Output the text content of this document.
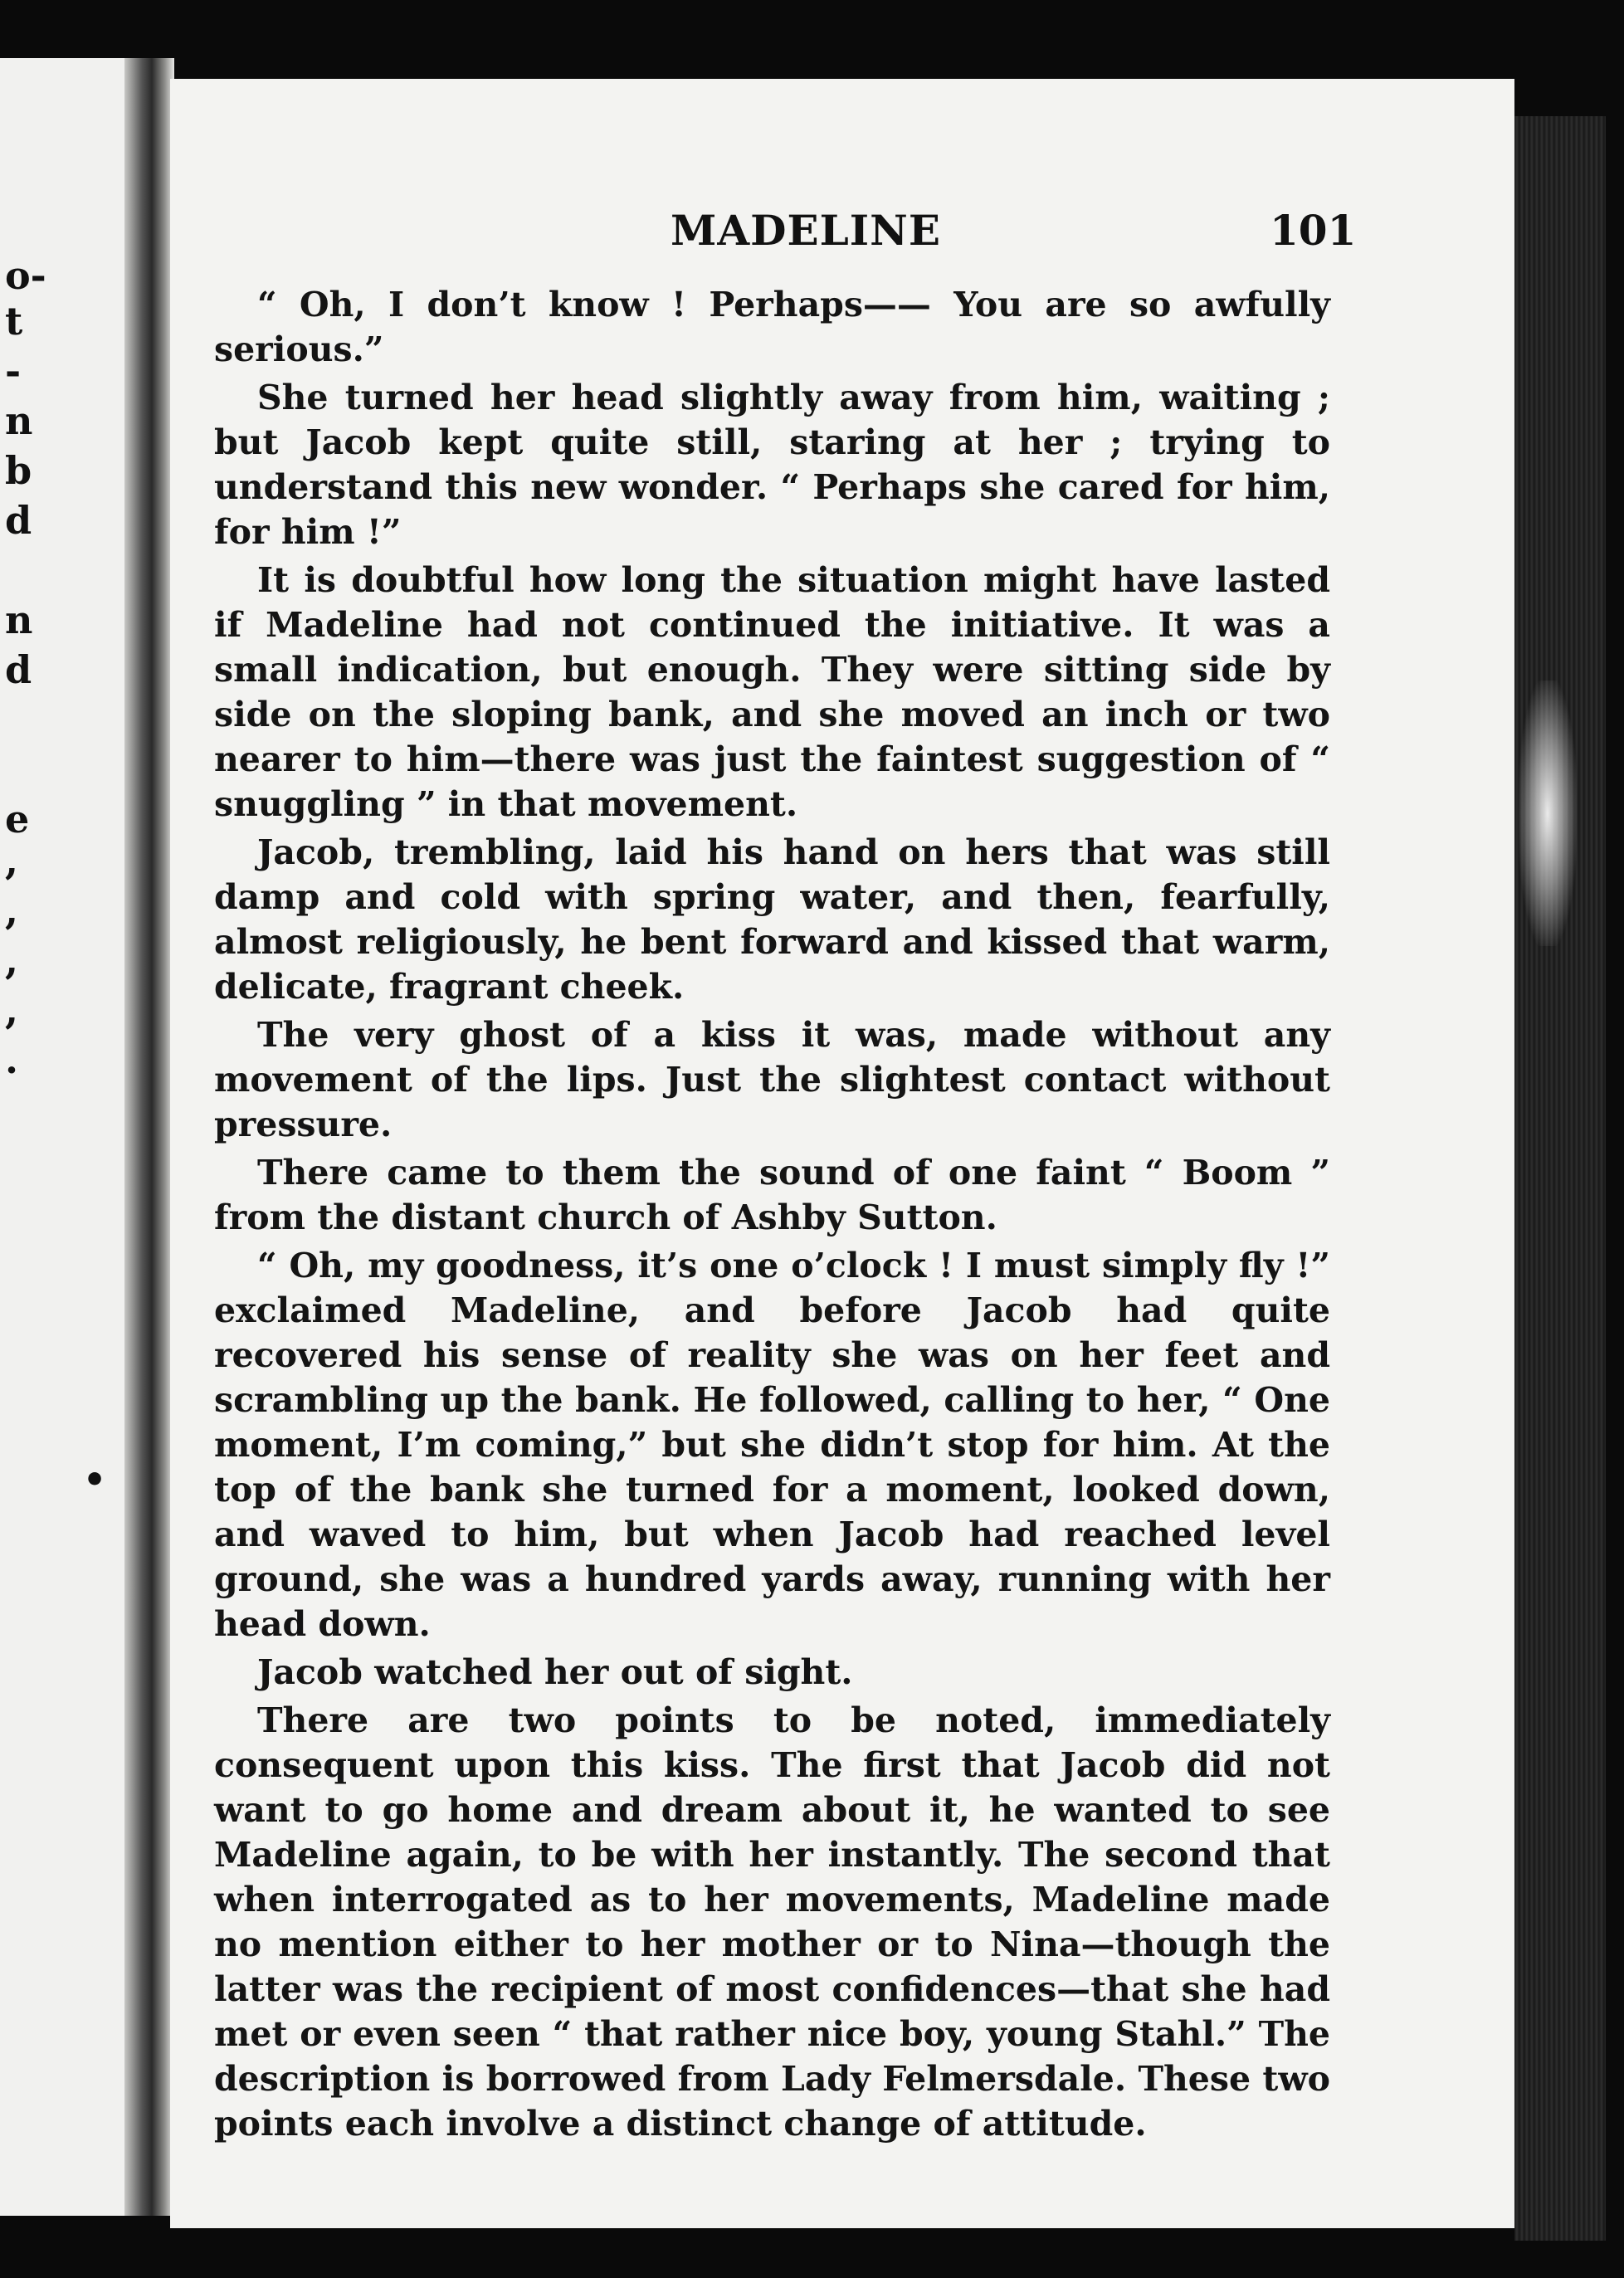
o-
t
-
n
b
d
n
d
e
,
,
,
,
.
•
MADELINE	101

“ Oh, I don’t know ! Perhaps—— You are so awfully serious.”

She turned her head slightly away from him, waiting ; but Jacob kept quite still, staring at her ; trying to understand this new wonder. “ Perhaps she cared for him, for him !”

It is doubtful how long the situation might have lasted if Madeline had not continued the initiative. It was a small indication, but enough. They were sitting side by side on the sloping bank, and she moved an inch or two nearer to him—there was just the faintest suggestion of “ snuggling ” in that movement.

Jacob, trembling, laid his hand on hers that was still damp and cold with spring water, and then, fearfully, almost religiously, he bent forward and kissed that warm, delicate, fragrant cheek.

The very ghost of a kiss it was, made without any movement of the lips. Just the slightest contact without pressure.

There came to them the sound of one faint “ Boom ” from the distant church of Ashby Sutton.

“ Oh, my goodness, it’s one o’clock ! I must simply fly !” exclaimed Madeline, and before Jacob had quite recovered his sense of reality she was on her feet and scrambling up the bank. He followed, calling to her, “ One moment, I’m coming,” but she didn’t stop for him. At the top of the bank she turned for a moment, looked down, and waved to him, but when Jacob had reached level ground, she was a hundred yards away, running with her head down.

Jacob watched her out of sight.

There are two points to be noted, immediately consequent upon this kiss. The first that Jacob did not want to go home and dream about it, he wanted to see Madeline again, to be with her instantly. The second that when interrogated as to her movements, Madeline made no mention either to her mother or to Nina—though the latter was the recipient of most confidences—that she had met or even seen “ that rather nice boy, young Stahl.” The description is borrowed from Lady Felmersdale. These two points each involve a distinct change of attitude.
